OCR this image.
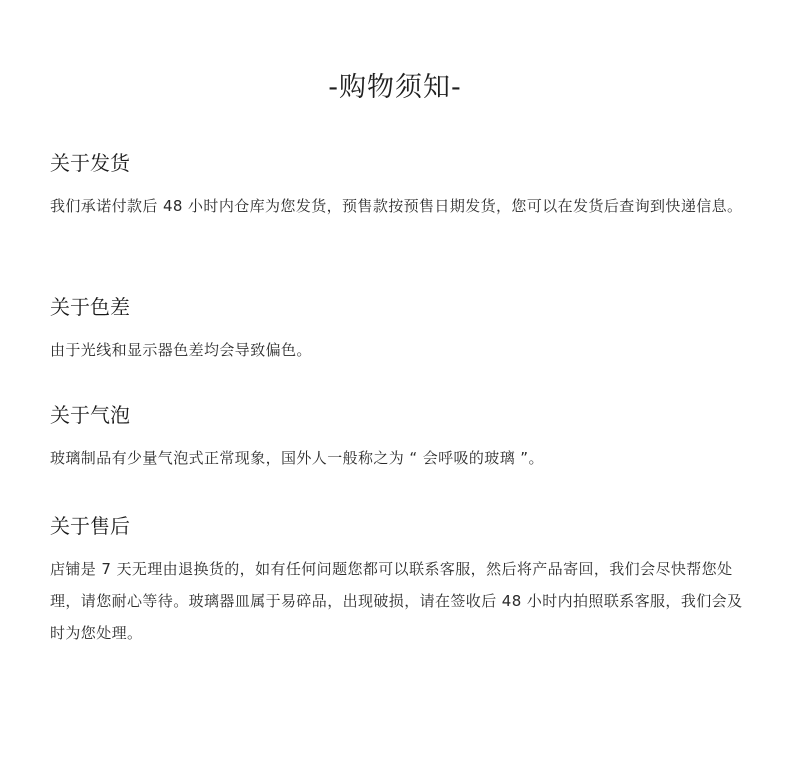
-购物须知-
关于发货
我们承诺付款后 48 小时内仓库为您发货，预售款按预售日期发货，您可以在发货后查询到快递信息。
关于色差
由于光线和显示器色差均会导致偏色。
关于气泡
玻璃制品有少量气泡式正常现象，国外人一般称之为 “ 会呼吸的玻璃 ”。
关于售后
店铺是 7 天无理由退换货的，如有任何问题您都可以联系客服，然后将产品寄回，我们会尽快帮您处理，请您耐心等待。玻璃器皿属于易碎品，出现破损，请在签收后 48 小时内拍照联系客服，我们会及时为您处理。
